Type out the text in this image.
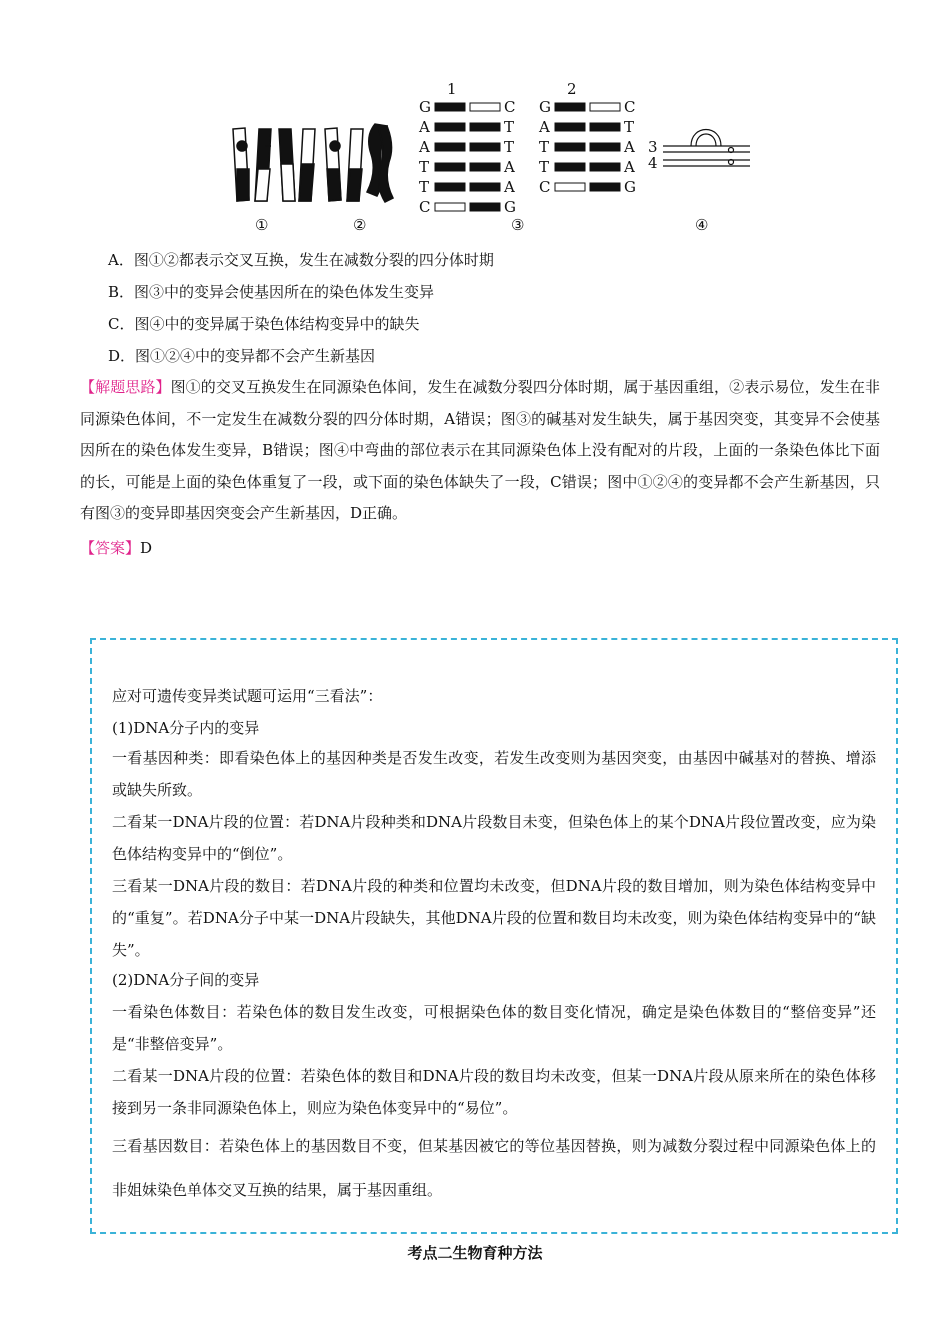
1	2
G
A
A
T
T
C
C
T
T
A
A
G
G
A
T
T
C
C
T
A
A
G
3
4
①	②	③	④
A．图①②都表示交叉互换，发生在减数分裂的四分体时期
B．图③中的变异会使基因所在的染色体发生变异
C．图④中的变异属于染色体结构变异中的缺失
D．图①②④中的变异都不会产生新基因
【解题思路】图①的交叉互换发生在同源染色体间，发生在减数分裂四分体时期，属于基因重组，②表示易位，发生在非同源染色体间，不一定发生在减数分裂的四分体时期，A错误；图③的碱基对发生缺失，属于基因突变，其变异不会使基因所在的染色体发生变异，B错误；图④中弯曲的部位表示在其同源染色体上没有配对的片段，上面的一条染色体比下面的长，可能是上面的染色体重复了一段，或下面的染色体缺失了一段，C错误；图中①②④的变异都不会产生新基因，只有图③的变异即基因突变会产生新基因，D正确。
【答案】D
应对可遗传变异类试题可运用“三看法”：
(1)DNA分子内的变异
一看基因种类：即看染色体上的基因种类是否发生改变，若发生改变则为基因突变，由基因中碱基对的替换、增添或缺失所致。
二看某一DNA片段的位置：若DNA片段种类和DNA片段数目未变，但染色体上的某个DNA片段位置改变，应为染色体结构变异中的“倒位”。
三看某一DNA片段的数目：若DNA片段的种类和位置均未改变，但DNA片段的数目增加，则为染色体结构变异中的“重复”。若DNA分子中某一DNA片段缺失，其他DNA片段的位置和数目均未改变，则为染色体结构变异中的“缺失”。
(2)DNA分子间的变异
一看染色体数目：若染色体的数目发生改变，可根据染色体的数目变化情况，确定是染色体数目的“整倍变异”还是“非整倍变异”。
二看某一DNA片段的位置：若染色体的数目和DNA片段的数目均未改变，但某一DNA片段从原来所在的染色体移接到另一条非同源染色体上，则应为染色体变异中的“易位”。
三看基因数目：若染色体上的基因数目不变，但某基因被它的等位基因替换，则为减数分裂过程中同源染色体上的非姐妹染色单体交叉互换的结果，属于基因重组。
考点二生物育种方法
